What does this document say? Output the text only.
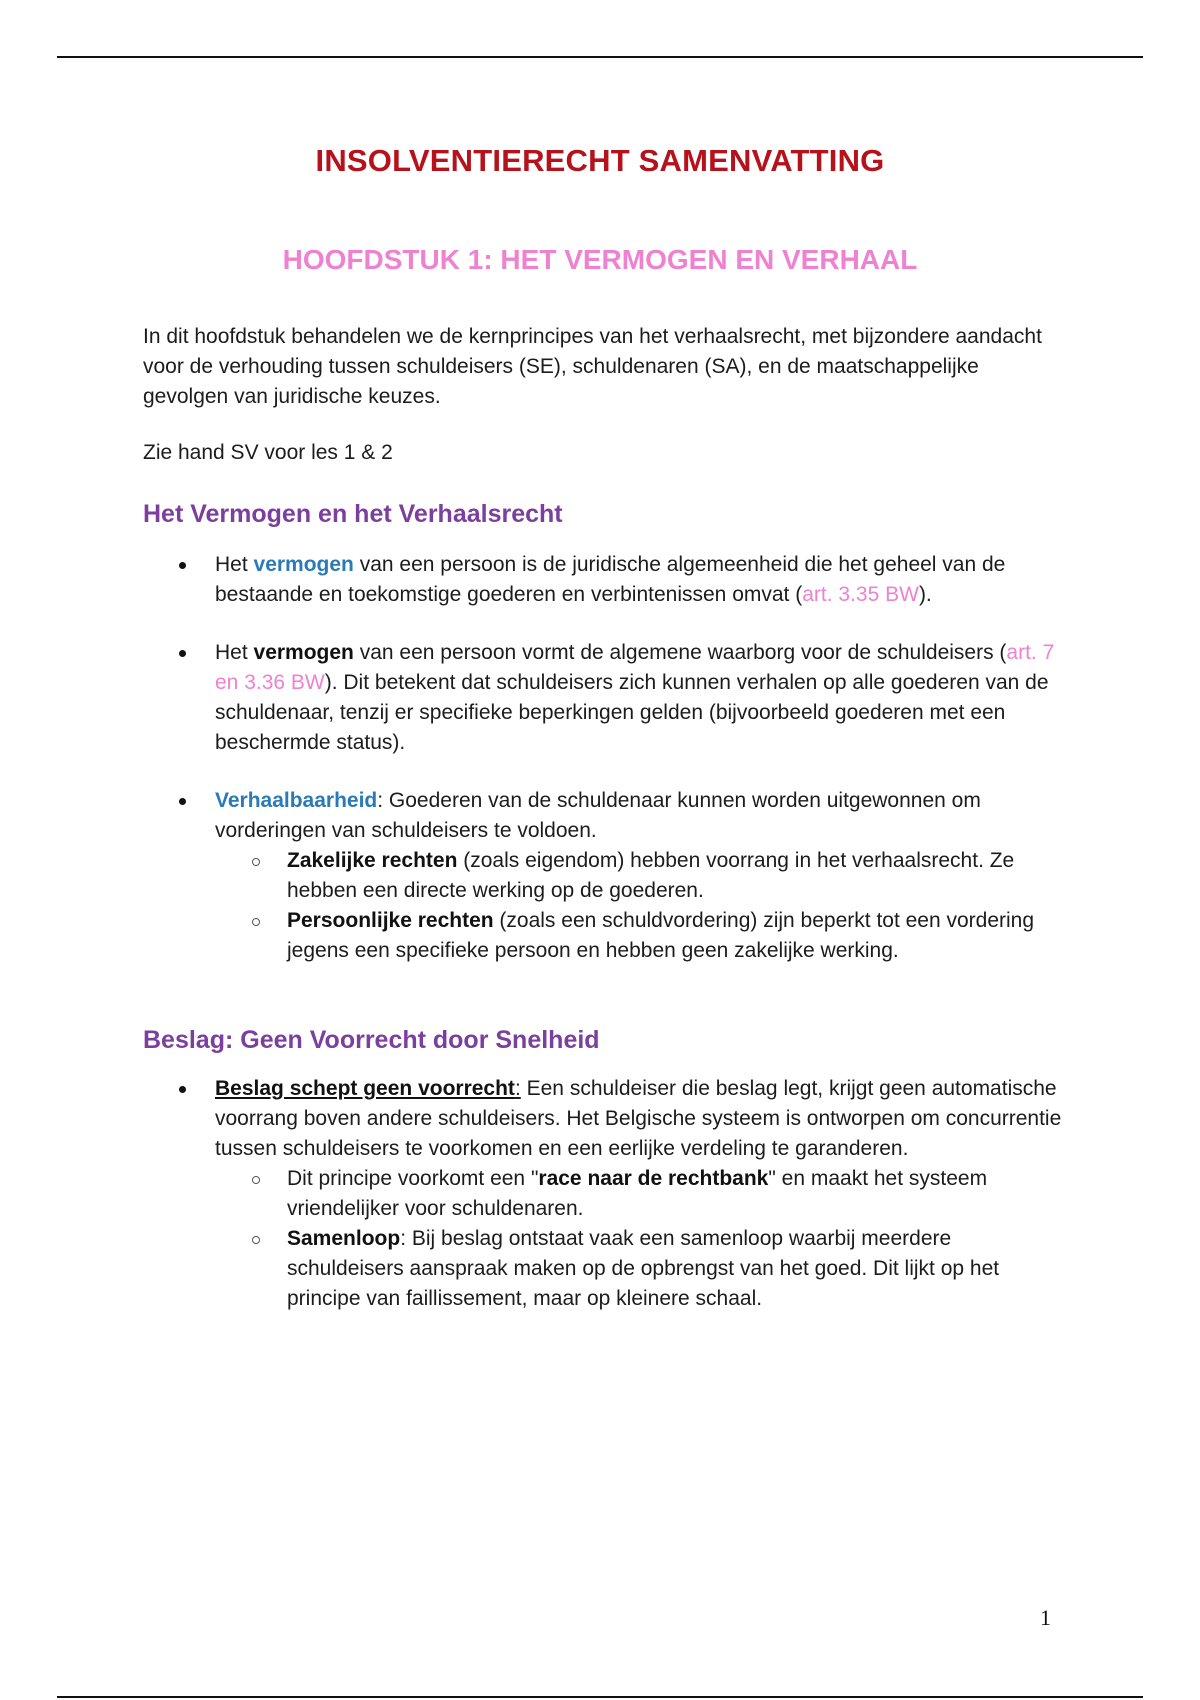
INSOLVENTIERECHT SAMENVATTING
HOOFDSTUK 1: HET VERMOGEN EN VERHAAL

In dit hoofdstuk behandelen we de kernprincipes van het verhaalsrecht, met bijzondere aandacht voor de verhouding tussen schuldeisers (SE), schuldenaren (SA), en de maatschappelijke gevolgen van juridische keuzes.

Zie hand SV voor les 1 & 2

Het Vermogen en het Verhaalsrecht
Het vermogen van een persoon is de juridische algemeenheid die het geheel van de bestaande en toekomstige goederen en verbintenissen omvat (art. 3.35 BW).
Het vermogen van een persoon vormt de algemene waarborg voor de schuldeisers (art. 7 en 3.36 BW). Dit betekent dat schuldeisers zich kunnen verhalen op alle goederen van de schuldenaar, tenzij er specifieke beperkingen gelden (bijvoorbeeld goederen met een beschermde status).
Verhaalbaarheid: Goederen van de schuldenaar kunnen worden uitgewonnen om vorderingen van schuldeisers te voldoen.
Zakelijke rechten (zoals eigendom) hebben voorrang in het verhaalsrecht. Ze hebben een directe werking op de goederen.
Persoonlijke rechten (zoals een schuldvordering) zijn beperkt tot een vordering jegens een specifieke persoon en hebben geen zakelijke werking.
Beslag: Geen Voorrecht door Snelheid
Beslag schept geen voorrecht: Een schuldeiser die beslag legt, krijgt geen automatische voorrang boven andere schuldeisers. Het Belgische systeem is ontworpen om concurrentie tussen schuldeisers te voorkomen en een eerlijke verdeling te garanderen.
Dit principe voorkomt een "race naar de rechtbank" en maakt het systeem vriendelijker voor schuldenaren.
Samenloop: Bij beslag ontstaat vaak een samenloop waarbij meerdere schuldeisers aanspraak maken op de opbrengst van het goed. Dit lijkt op het principe van faillissement, maar op kleinere schaal.
1
